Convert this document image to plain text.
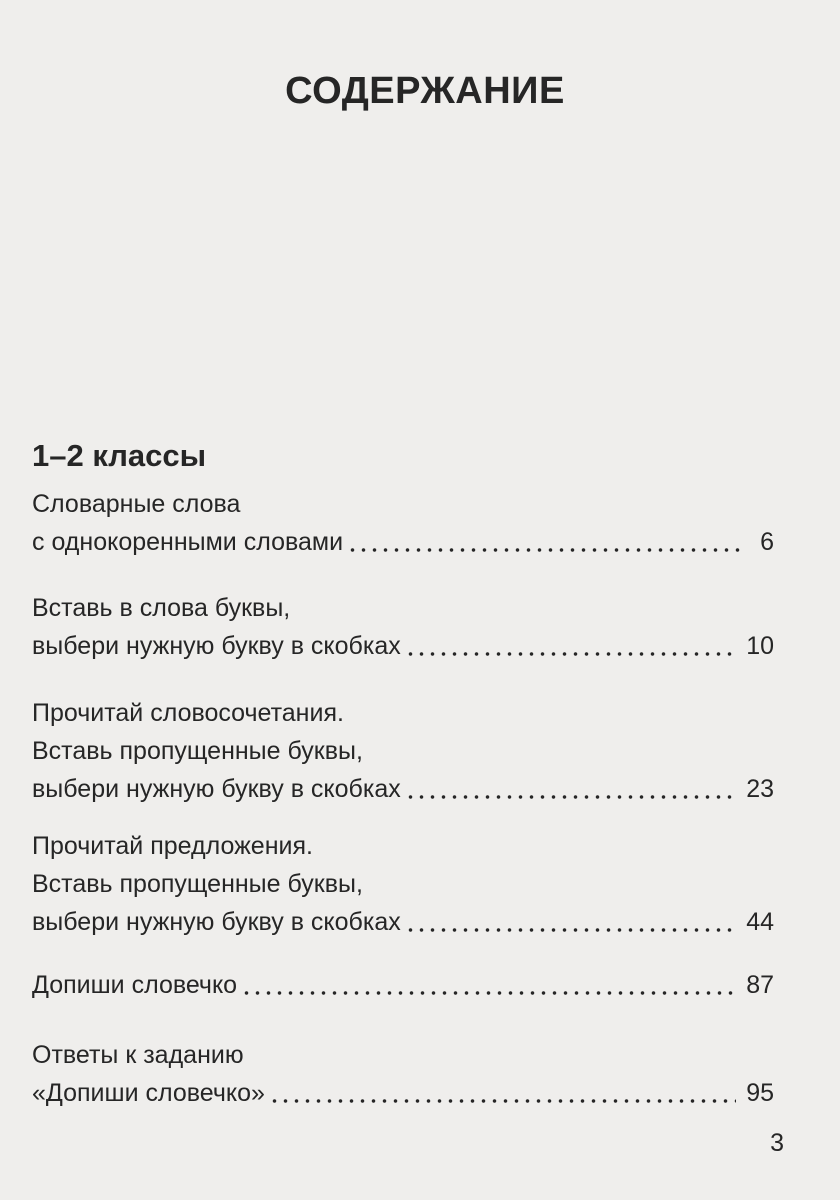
СОДЕРЖАНИЕ
1–2 классы
Словарные слова
с однокоренными словами	6
Вставь в слова буквы,
выбери нужную букву в скобках	10
Прочитай словосочетания.
Вставь пропущенные буквы,
выбери нужную букву в скобках	23
Прочитай предложения.
Вставь пропущенные буквы,
выбери нужную букву в скобках	44
Допиши словечко	87
Ответы к заданию
«Допиши словечко»	95
3
